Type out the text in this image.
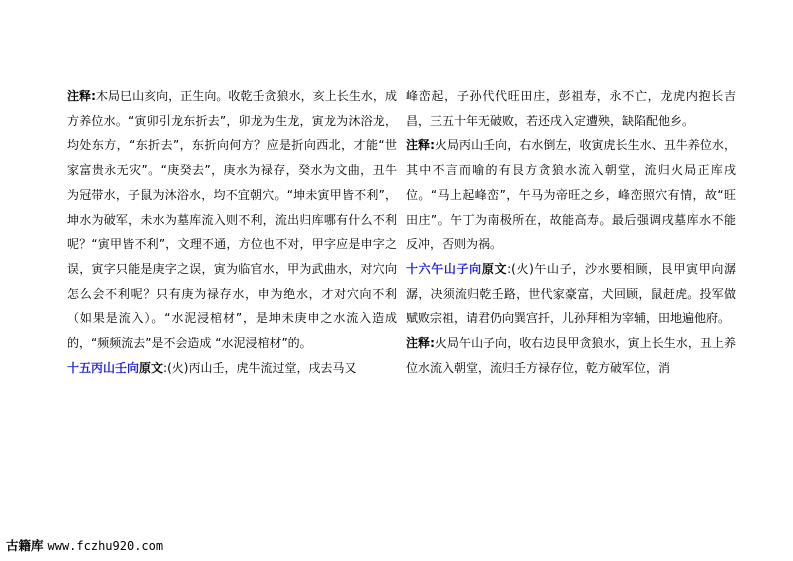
注释:木局巳山亥向，正生向。收乾壬贪狼水，亥上长生水，成方养位水。“寅卯引龙东折去”，卯龙为生龙，寅龙为沐浴龙，均处东方，“东折去”，东折向何方？应是折向西北，才能“世家富贵永无灾”。“庚癸去”，庚水为禄存，癸水为文曲，丑牛为冠带水，子鼠为沐浴水，均不宜朝穴。“坤未寅甲皆不利”，坤水为破军，未水为墓库流入则不利，流出归库哪有什么不利呢？“寅甲皆不利”，文理不通，方位也不对，甲字应是申字之误，寅字只能是庚字之误，寅为临官水，甲为武曲水，对穴向怎么会不利呢？只有庚为禄存水，申为绝水，才对穴向不利（如果是流入）。“水泥浸棺材”，是坤未庚申之水流入造成的，“频频流去”是不会造成 “水泥浸棺材”的。

十五丙山壬向原文:(火)丙山壬，虎牛流过堂，戌去马又

峰峦起，子孙代代旺田庄，彭祖寿，永不亡，龙虎内抱长吉昌，三五十年无破败，若还戌入定遭殃，缺陷配他乡。

注释:火局丙山壬向，右水倒左，收寅虎长生水、丑牛养位水，其中不言而喻的有艮方贪狼水流入朝堂，流归火局正库戌位。“马上起峰峦”，午马为帝旺之乡，峰峦照穴有情，故“旺田庄”。午丁为南极所在，故能高寿。最后强调戌墓库水不能反冲，否则为祸。

十六午山子向原文:(火)午山子，沙水要相顾，艮甲寅甲向潺潺，决须流归乾壬路，世代家豪富，犬回顾，鼠赶虎。投军做赋败宗祖，请君仍向巽宫扦，儿孙拜相为宰辅，田地遍他府。

注释:火局午山子向，收右边艮甲贪狼水，寅上长生水，丑上养位水流入朝堂，流归壬方禄存位，乾方破军位，消

古籍库 www.fczhu920.com
